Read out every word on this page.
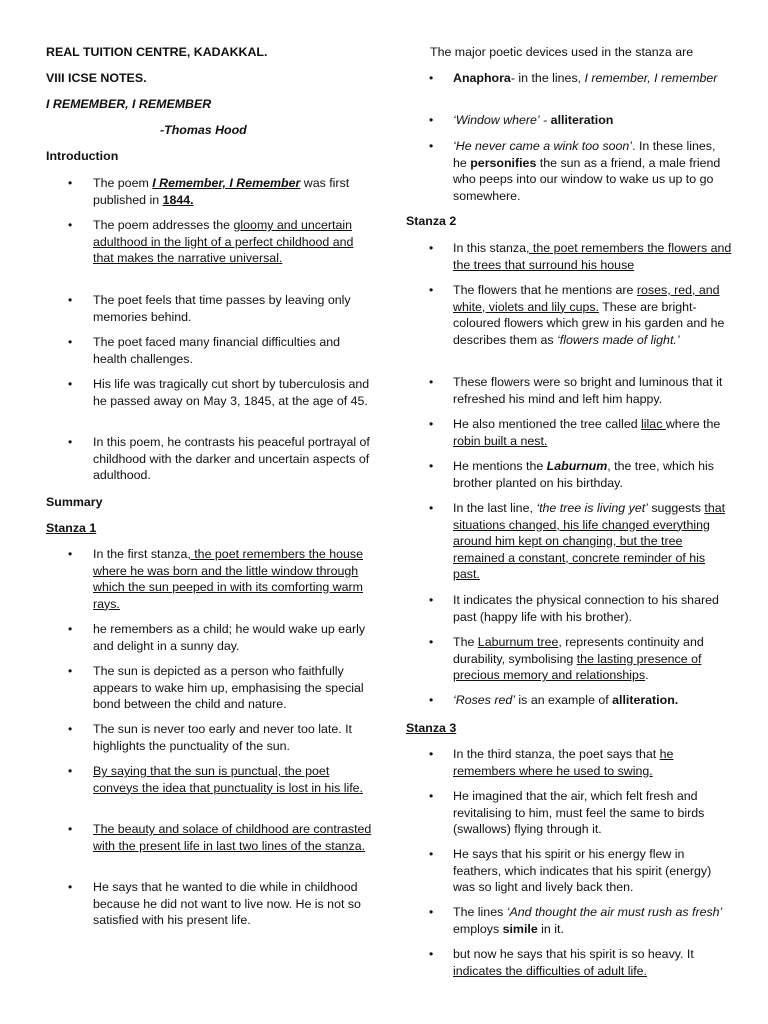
REAL TUITION CENTRE, KADAKKAL.

VIII ICSE NOTES.

I REMEMBER, I REMEMBER

-Thomas Hood

Introduction

• The poem I Remember, I Remember was first published in 1844.
• The poem addresses the gloomy and uncertain adulthood in the light of a perfect childhood and that makes the narrative universal.
• The poet feels that time passes by leaving only memories behind.
• The poet faced many financial difficulties and health challenges.
• His life was tragically cut short by tuberculosis and he passed away on May 3, 1845, at the age of 45.
• In this poem, he contrasts his peaceful portrayal of childhood with the darker and uncertain aspects of adulthood.

Summary

Stanza 1

• In the first stanza, the poet remembers the house where he was born and the little window through which the sun peeped in with its comforting warm rays.
• he remembers as a child; he would wake up early and delight in a sunny day.
• The sun is depicted as a person who faithfully appears to wake him up, emphasising the special bond between the child and nature.
• The sun is never too early and never too late. It highlights the punctuality of the sun.
• By saying that the sun is punctual, the poet conveys the idea that punctuality is lost in his life.
• The beauty and solace of childhood are contrasted with the present life in last two lines of the stanza.
• He says that he wanted to die while in childhood because he did not want to live now. He is not so satisfied with his present life.

The major poetic devices used in the stanza are

• Anaphora- in the lines, I remember, I remember
• ‘Window where’ - alliteration
• ‘He never came a wink too soon’. In these lines, he personifies the sun as a friend, a male friend who peeps into our window to wake us up to go somewhere.

Stanza 2

• In this stanza, the poet remembers the flowers and the trees that surround his house
• The flowers that he mentions are roses, red, and white, violets and lily cups. These are bright-coloured flowers which grew in his garden and he describes them as ‘flowers made of light.’
• These flowers were so bright and luminous that it refreshed his mind and left him happy.
• He also mentioned the tree called lilac where the robin built a nest.
• He mentions the Laburnum, the tree, which his brother planted on his birthday.
• In the last line, ‘the tree is living yet’ suggests that situations changed, his life changed everything around him kept on changing, but the tree remained a constant, concrete reminder of his past.
• It indicates the physical connection to his shared past (happy life with his brother).
• The Laburnum tree, represents continuity and durability, symbolising the lasting presence of precious memory and relationships.
• ‘Roses red’ is an example of alliteration.

Stanza 3

• In the third stanza, the poet says that he remembers where he used to swing.
• He imagined that the air, which felt fresh and revitalising to him, must feel the same to birds (swallows) flying through it.
• He says that his spirit or his energy flew in feathers, which indicates that his spirit (energy) was so light and lively back then.
• The lines ‘And thought the air must rush as fresh’ employs simile in it.
• but now he says that his spirit is so heavy. It indicates the difficulties of adult life.
